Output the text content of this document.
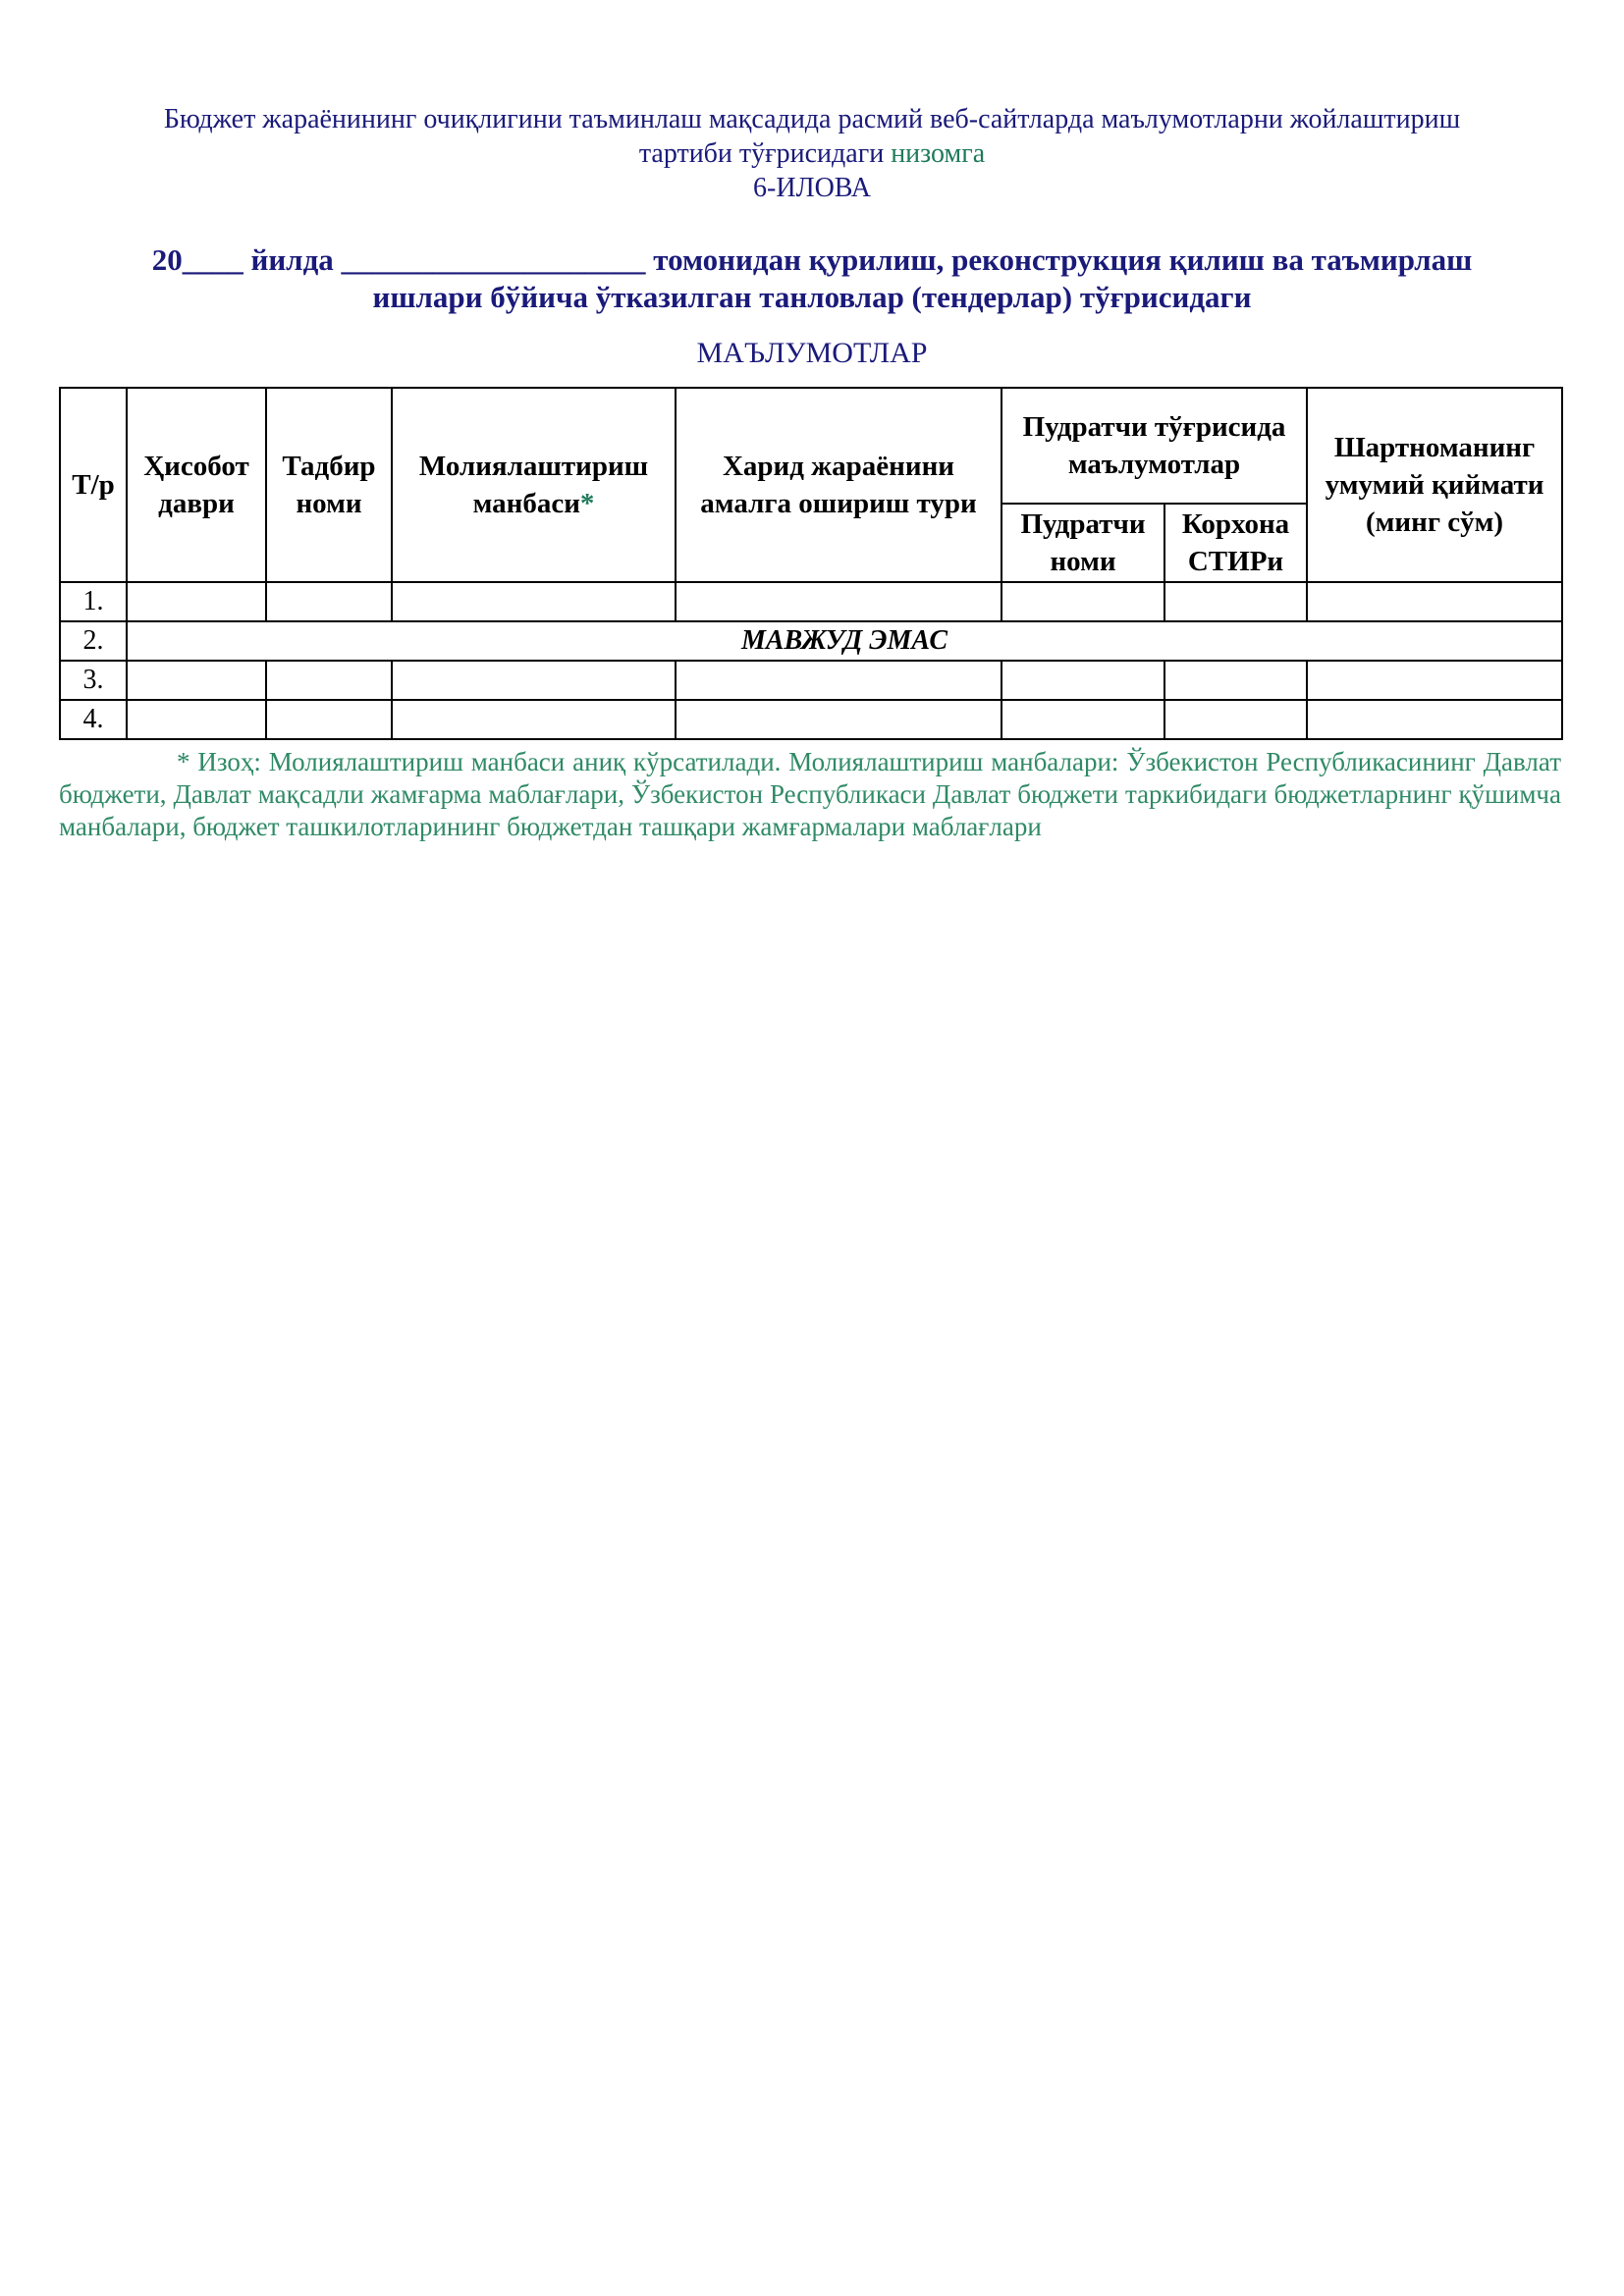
Бюджет жараёнининг очиқлигини таъминлаш мақсадида расмий веб-сайтларда маълумотларни жойлаштириш
тартиби тўғрисидаги низомга
6-ИЛОВА
20____ йилда ____________________ томонидан қурилиш, реконструкция қилиш ва таъмирлаш
ишлари бўйича ўтказилган танловлар (тендерлар) тўғрисидаги
МАЪЛУМОТЛАР
Т/р	Ҳисобот даври	Тадбир номи	Молиялаштириш манбаси*	Харид жараёнини амалга ошириш тури	Пудратчи тўғрисида маълумотлар		Шартноманинг умумий қиймати (минг сўм)
					Пудратчи номи	Корхона СТИРи	
1.							
2.	МАВЖУД ЭМАС						
3.							
4.							
* Изоҳ: Молиялаштириш манбаси аниқ кўрсатилади. Молиялаштириш манбалари: Ўзбекистон Республикасининг Давлат бюджети, Давлат мақсадли жамғарма маблағлари, Ўзбекистон Республикаси Давлат бюджети таркибидаги бюджетларнинг қўшимча манбалари, бюджет ташкилотларининг бюджетдан ташқари жамғармалари маблағлари
